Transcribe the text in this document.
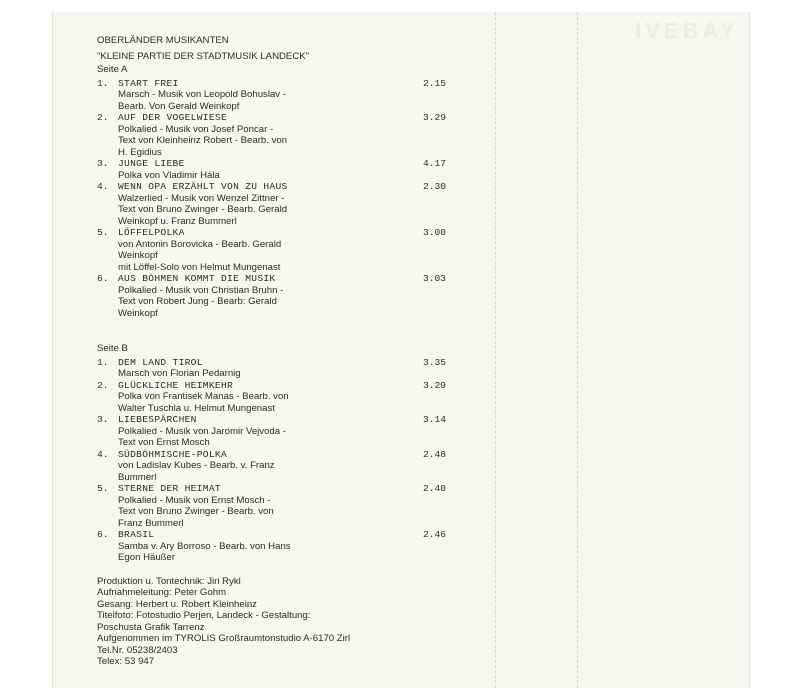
IVEBAY
OBERLÄNDER MUSIKANTEN
"KLEINE PARTIE DER STADTMUSIK LANDECK"
Seite A
1. START FREI
Marsch - Musik von Leopold Bohuslav -
Bearb. Von Gerald Weinkopf
2.15
2. AUF DER VOGELWIESE
Polkalied - Musik von Josef Poncar -
Text von Kleinheinz Robert - Bearb. von
H. Egidius
3.29
3. JUNGE LIEBE
Polka von Vladimir Hála
4.17
4. WENN OPA ERZÄHLT VON ZU HAUS
Walzerlied - Musik von Wenzel Zittner -
Text von Bruno Zwinger - Bearb. Gerald
Weinkopf u. Franz Bummerl
2.30
5. LÖFFELPOLKA
von Antonin Borovicka - Bearb. Gerald
Weinkopf
mit Löffel-Solo von Helmut Mungenast
3.00
6. AUS BÖHMEN KOMMT DIE MUSIK
Polkalied - Musik von Christian Bruhn -
Text von Robert Jung - Bearb: Gerald
Weinkopf
3.03
Seite B
1. DEM LAND TIROL
Marsch von Florian Pedarnig
3.35
2. GLÜCKLICHE HEIMKEHR
Polka von Frantisek Manas - Bearb. von
Walter Tuschla u. Helmut Mungenast
3.29
3. LIEBESPÄRCHEN
Polkalied - Musik von Jaromir Vejvoda -
Text von Ernst Mosch
3.14
4. SÜDBÖHMISCHE-POLKA
von Ladislav Kubes - Bearb. v. Franz
Bummerl
2.48
5. STERNE DER HEIMAT
Polkalied - Musik von Ernst Mosch -
Text von Bruno Zwinger - Bearb. von
Franz Bummerl
2.40
6. BRASIL
Samba v. Ary Borroso - Bearb. von Hans
Egon Häußer
2.46
Produktion u. Tontechnik: Jiri Rykl
Aufnahmeleitung: Peter Gohm
Gesang: Herbert u. Robert Kleinheinz
Titelfoto: Fotostudio Perjen, Landeck - Gestaltung:
Poschusta Grafik Tarrenz
Aufgenommen im TYROLIS Großraumtonstudio A-6170 Zirl
Tel.Nr. 05238/2403
Telex: 53 947
